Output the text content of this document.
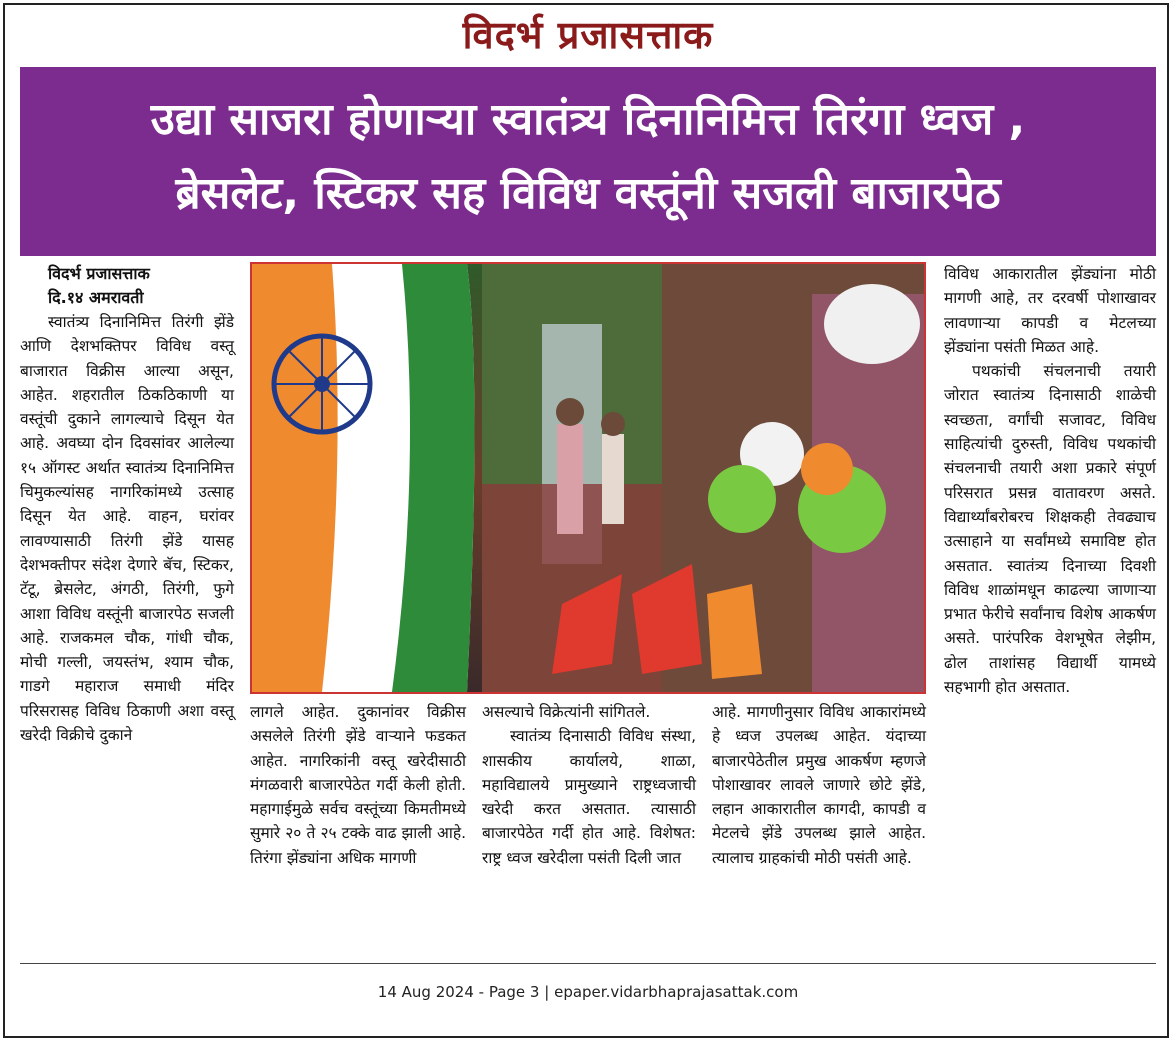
विदर्भ प्रजासत्ताक
उद्या साजरा होणाऱ्या स्वातंत्र्य दिनानिमित्त तिरंगा ध्वज ,
ब्रेसलेट, स्टिकर सह विविध वस्तूंनी सजली बाजारपेठ
विदर्भ प्रजासत्ताक
दि.१४ अमरावती

स्वातंत्र्य दिनानिमित्त तिरंगी झेंडे आणि देशभक्तिपर विविध वस्तू बाजारात विक्रीस आल्या असून, आहेत. शहरातील ठिकठिकाणी या वस्तूंची दुकाने लागल्याचे दिसून येत आहे. अवघ्या दोन दिवसांवर आलेल्या १५ ऑगस्ट अर्थात स्वातंत्र्य दिनानिमित्त चिमुकल्यांसह नागरिकांमध्ये उत्साह दिसून येत आहे. वाहन, घरांवर लावण्यासाठी तिरंगी झेंडे यासह देशभक्तीपर संदेश देणारे बॅच, स्टिकर, टॅटू, ब्रेसलेट, अंगठी, तिरंगी, फुगे आशा विविध वस्तूंनी बाजारपेठ सजली आहे. राजकमल चौक, गांधी चौक, मोची गल्ली, जयस्तंभ, श्याम चौक, गाडगे महाराज समाधी मंदिर परिसरासह विविध ठिकाणी अशा वस्तू खरेदी विक्रीचे दुकाने

लागले आहेत. दुकानांवर विक्रीस असलेले तिरंगी झेंडे वाऱ्याने फडकत आहेत. नागरिकांनी वस्तू खरेदीसाठी मंगळवारी बाजारपेठेत गर्दी केली होती. महागाईमुळे सर्वच वस्तूंच्या किमतीमध्ये सुमारे २० ते २५ टक्के वाढ झाली आहे. तिरंगा झेंड्यांना अधिक मागणी

असल्याचे विक्रेत्यांनी सांगितले.

स्वातंत्र्य दिनासाठी विविध संस्था, शासकीय कार्यालये, शाळा, महाविद्यालये प्रामुख्याने राष्ट्रध्वजाची खरेदी करत असतात. त्यासाठी बाजारपेठेत गर्दी होत आहे. विशेषत: राष्ट्र ध्वज खरेदीला पसंती दिली जात

आहे. मागणीनुसार विविध आकारांमध्ये हे ध्वज उपलब्ध आहेत. यंदाच्या बाजारपेठेतील प्रमुख आकर्षण म्हणजे पोशाखावर लावले जाणारे छोटे झेंडे, लहान आकारातील कागदी, कापडी व मेटलचे झेंडे उपलब्ध झाले आहेत. त्यालाच ग्राहकांची मोठी पसंती आहे.

विविध आकारातील झेंड्यांना मोठी मागणी आहे, तर दरवर्षी पोशाखावर लावणाऱ्या कापडी व मेटलच्या झेंड्यांना पसंती मिळत आहे.

पथकांची संचलनाची तयारी जोरात स्वातंत्र्य दिनासाठी शाळेची स्वच्छता, वर्गांची सजावट, विविध साहित्यांची दुरुस्ती, विविध पथकांची संचलनाची तयारी अशा प्रकारे संपूर्ण परिसरात प्रसन्न वातावरण असते. विद्यार्थ्यांबरोबरच शिक्षकही तेवढ्याच उत्साहाने या सर्वांमध्ये समाविष्ट होत असतात. स्वातंत्र्य दिनाच्या दिवशी विविध शाळांमधून काढल्या जाणाऱ्या प्रभात फेरीचे सर्वांनाच विशेष आकर्षण असते. पारंपरिक वेशभूषेत लेझीम, ढोल ताशांसह विद्यार्थी यामध्ये सहभागी होत असतात.

14 Aug 2024 - Page 3 | epaper.vidarbhaprajasattak.com
